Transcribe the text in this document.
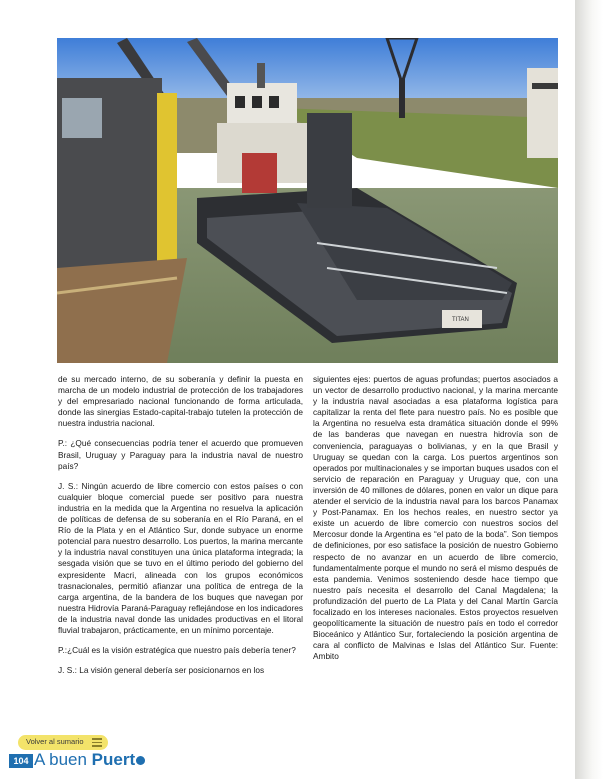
TITAN

de su mercado interno, de su soberanía y definir la puesta en marcha de un modelo industrial de protección de los trabajadores y del empresariado nacional funcionando de forma articulada, donde las sinergias Estado-capital-trabajo tutelen la protección de nuestra industria nacional.

P.: ¿Qué consecuencias podría tener el acuerdo que promueven Brasil, Uruguay y Paraguay para la industria naval de nuestro país?

J. S.: Ningún acuerdo de libre comercio con estos países o con cualquier bloque comercial puede ser positivo para nuestra industria en la medida que la Argentina no resuelva la aplicación de políticas de defensa de su soberanía en el Río Paraná, en el Río de la Plata y en el Atlántico Sur, donde subyace un enorme potencial para nuestro desarrollo. Los puertos, la marina mercante y la industria naval constituyen una única plataforma integrada; la sesgada visión que se tuvo en el último periodo del gobierno del expresidente Macri, alineada con los grupos económicos trasnacionales, permitió afianzar una política de entrega de la carga argentina, de la bandera de los buques que navegan por nuestra Hidrovía Paraná-Paraguay reflejándose en los indicadores de la industria naval donde las unidades productivas en el litoral fluvial trabajaron, prácticamente, en un mínimo porcentaje.

P.:¿Cuál es la visión estratégica que nuestro país debería tener?

J. S.: La visión general debería ser posicionarnos en los

siguientes ejes: puertos de aguas profundas; puertos asociados a un vector de desarrollo productivo nacional, y la marina mercante y la industria naval asociadas a esa plataforma logística para capitalizar la renta del flete para nuestro país. No es posible que la Argentina no resuelva esta dramática situación donde el 99% de las banderas que navegan en nuestra hidrovía son de conveniencia, paraguayas o bolivianas, y en la que Brasil y Uruguay se quedan con la carga. Los puertos argentinos son operados por multinacionales y se importan buques usados con el servicio de reparación en Paraguay y Uruguay que, con una inversión de 40 millones de dólares, ponen en valor un dique para atender el servicio de la industria naval para los barcos Panamax y Post-Panamax. En los hechos reales, en nuestro sector ya existe un acuerdo de libre comercio con nuestros socios del Mercosur donde la Argentina es “el pato de la boda”. Son tiempos de definiciones, por eso satisface la posición de nuestro Gobierno respecto de no avanzar en un acuerdo de libre comercio, fundamentalmente porque el mundo no será el mismo después de esta pandemia. Venimos sosteniendo desde hace tiempo que nuestro país necesita el desarrollo del Canal Magdalena; la profundización del puerto de La Plata y del Canal Martín García focalizado en los intereses nacionales. Estos proyectos resuelven geopolíticamente la situación de nuestro país en todo el corredor Bioceánico y Atlántico Sur, fortaleciendo la posición argentina de cara al conflicto de Malvinas e Islas del Atlántico Sur. Fuente: Ambito

Volver al sumario
104 A buen Puert
